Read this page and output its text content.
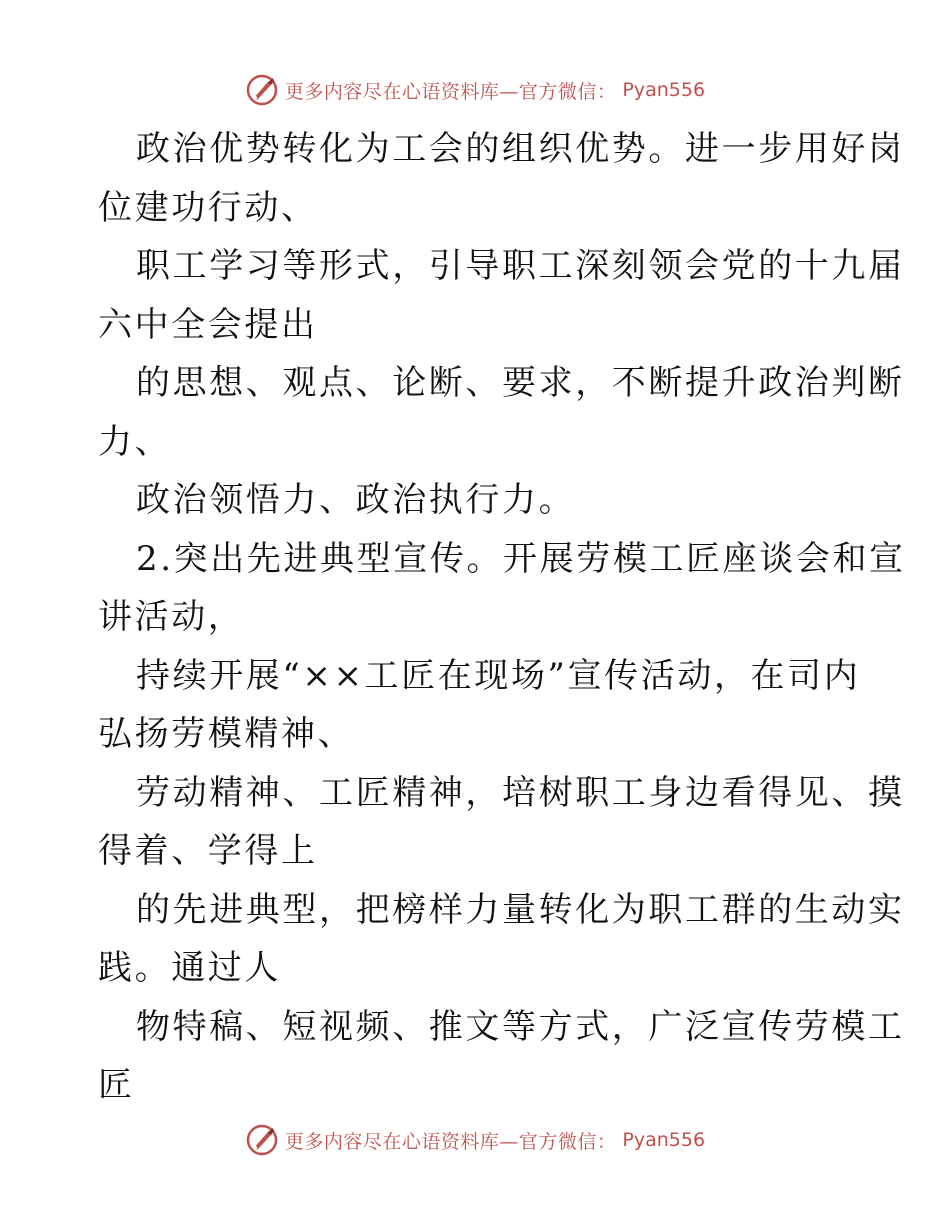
更多内容尽在心语资料库—官方微信： Pyan556
政治优势转化为工会的组织优势。进一步用好岗
位建功行动、
职工学习等形式，引导职工深刻领会党的十九届
六中全会提出
的思想、观点、论断、要求，不断提升政治判断
力、
政治领悟力、政治执行力。
2.突出先进典型宣传。开展劳模工匠座谈会和宣
讲活动，
持续开展“××工匠在现场”宣传活动，在司内
弘扬劳模精神、
劳动精神、工匠精神，培树职工身边看得见、摸
得着、学得上
的先进典型，把榜样力量转化为职工群的生动实
践。通过人
物特稿、短视频、推文等方式，广泛宣传劳模工
匠
更多内容尽在心语资料库—官方微信： Pyan556
